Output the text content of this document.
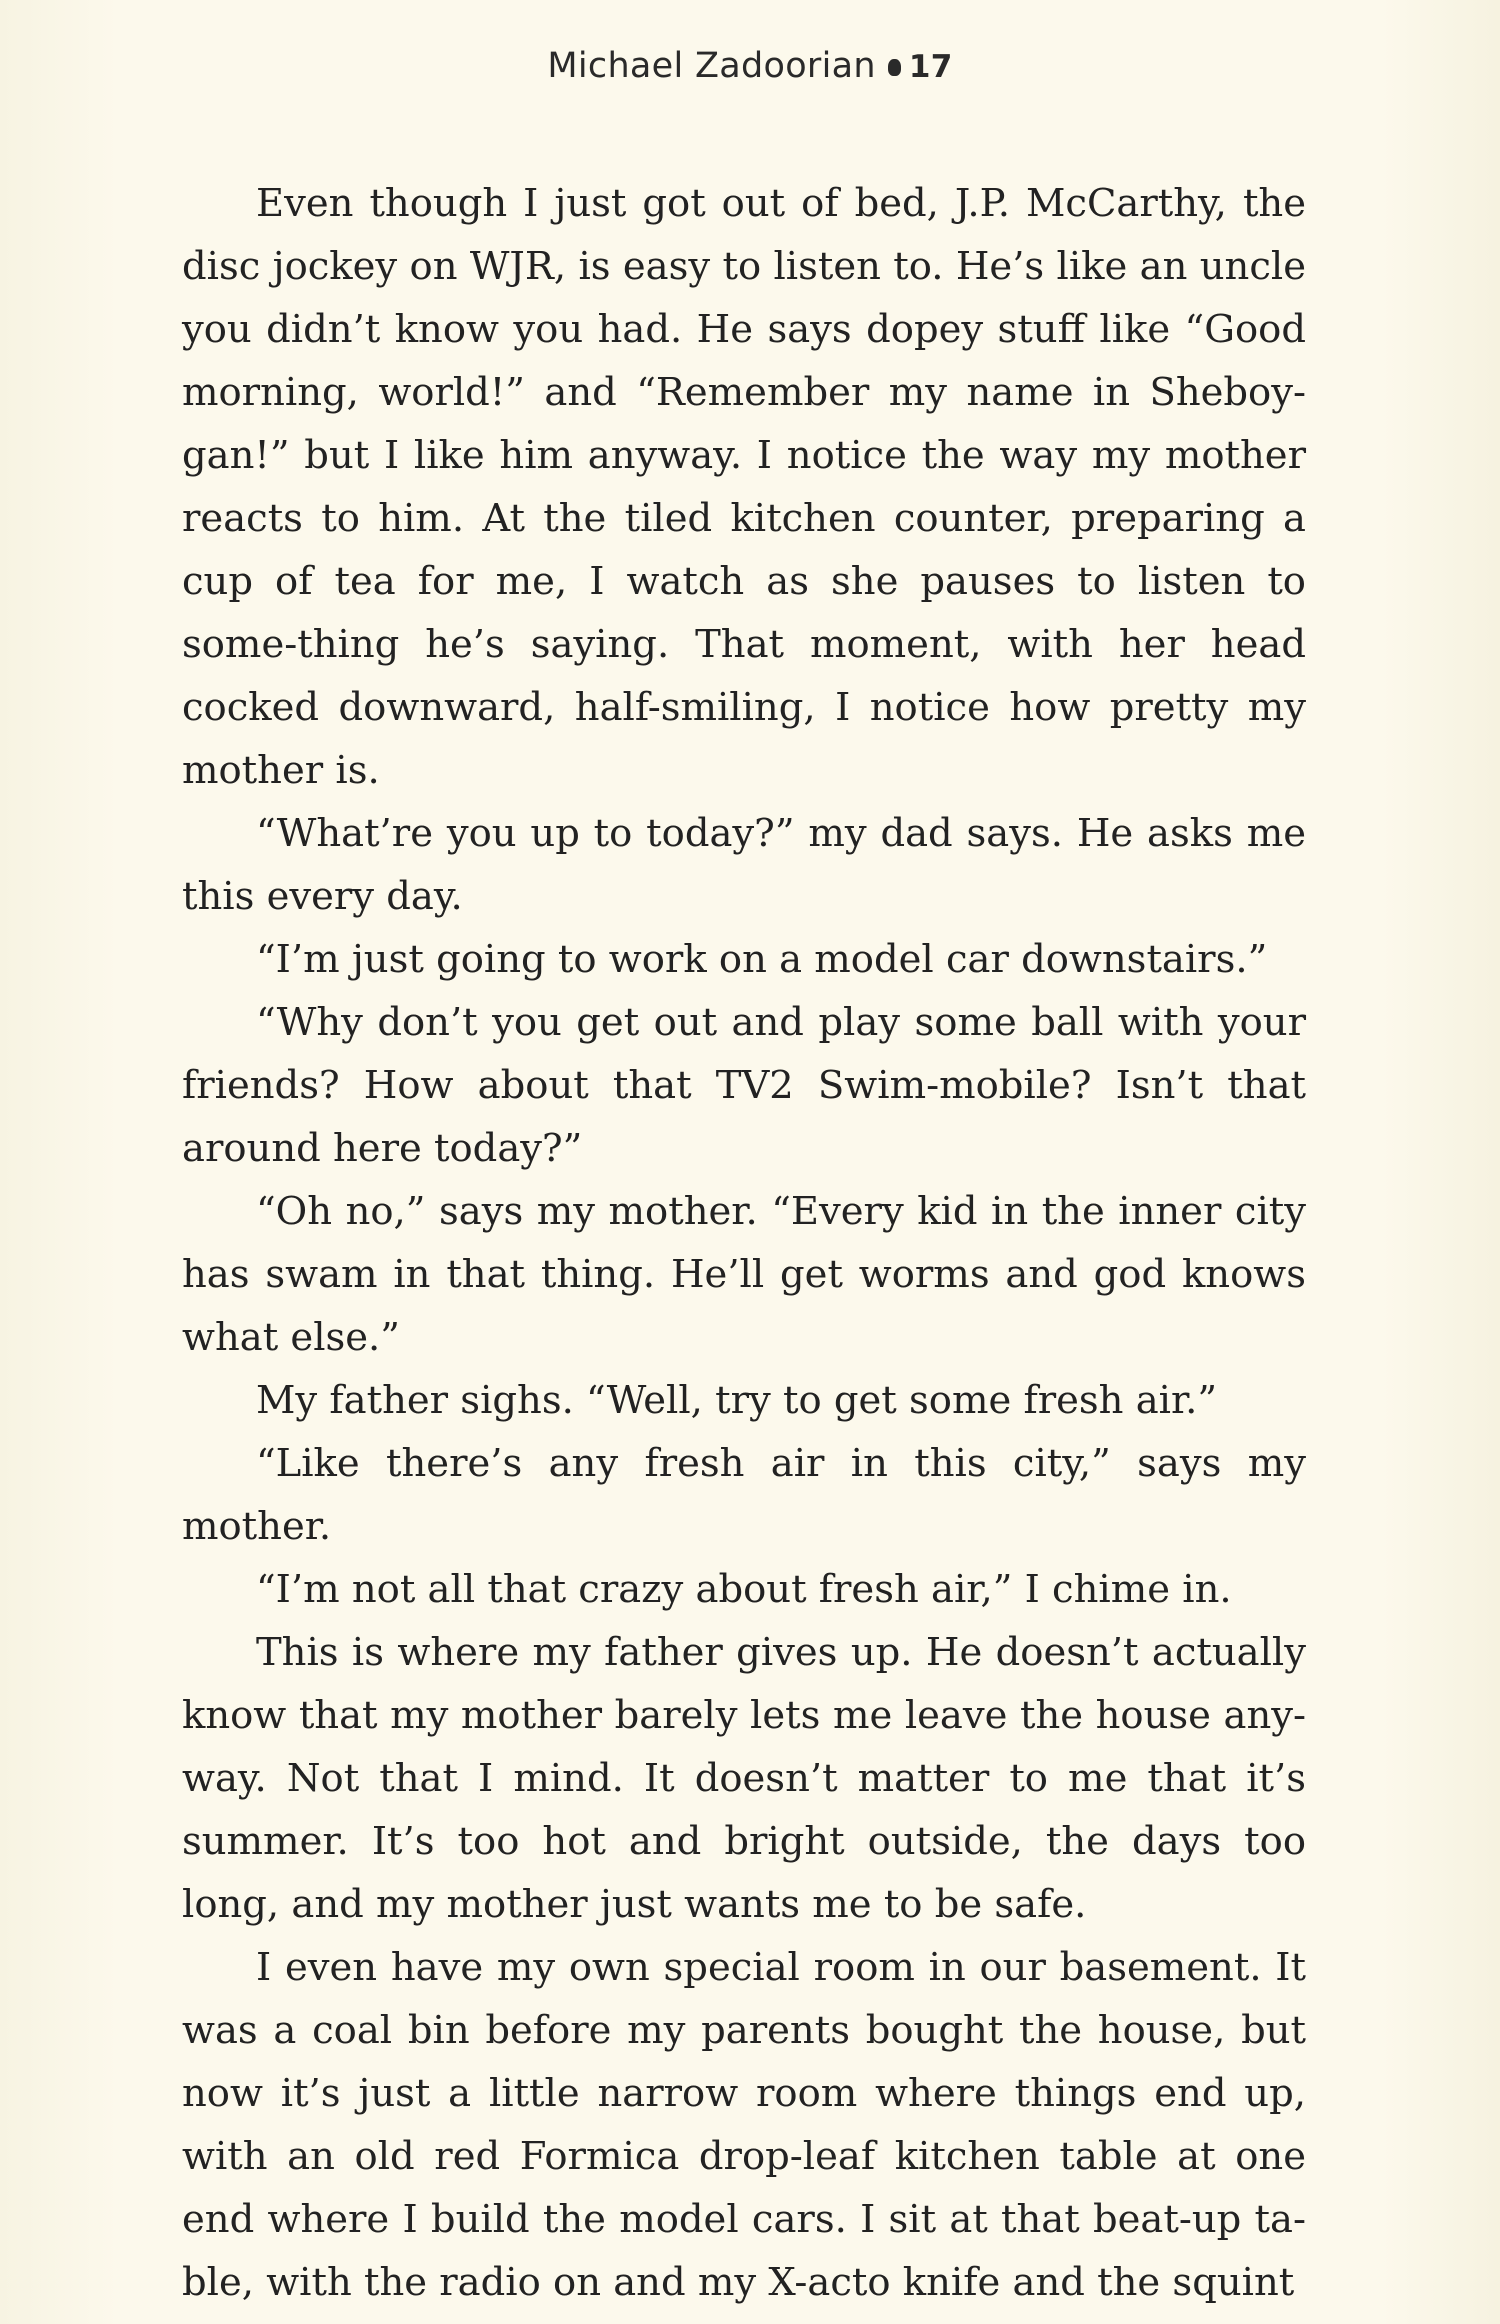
Michael Zadoorian 17

Even though I just got out of bed, J.P. McCarthy, the disc jockey on WJR, is easy to listen to. He’s like an uncle you didn’t know you had. He says dopey stuff like “Good morning, world!” and “Remember my name in Sheboy-gan!” but I like him anyway. I notice the way my mother reacts to him. At the tiled kitchen counter, preparing a cup of tea for me, I watch as she pauses to listen to some-thing he’s saying. That moment, with her head cocked downward, half-smiling, I notice how pretty my mother is.

“What’re you up to today?” my dad says. He asks me this every day.

“I’m just going to work on a model car downstairs.”

“Why don’t you get out and play some ball with your friends? How about that TV2 Swim-mobile? Isn’t that around here today?”

“Oh no,” says my mother. “Every kid in the inner city has swam in that thing. He’ll get worms and god knows what else.”

My father sighs. “Well, try to get some fresh air.”

“Like there’s any fresh air in this city,” says my mother.

“I’m not all that crazy about fresh air,” I chime in.

This is where my father gives up. He doesn’t actually know that my mother barely lets me leave the house any-way. Not that I mind. It doesn’t matter to me that it’s summer. It’s too hot and bright outside, the days too long, and my mother just wants me to be safe.

I even have my own special room in our basement. It was a coal bin before my parents bought the house, but now it’s just a little narrow room where things end up, with an old red Formica drop-leaf kitchen table at one end where I build the model cars. I sit at that beat-up ta-ble, with the radio on and my X-acto knife and the squint
